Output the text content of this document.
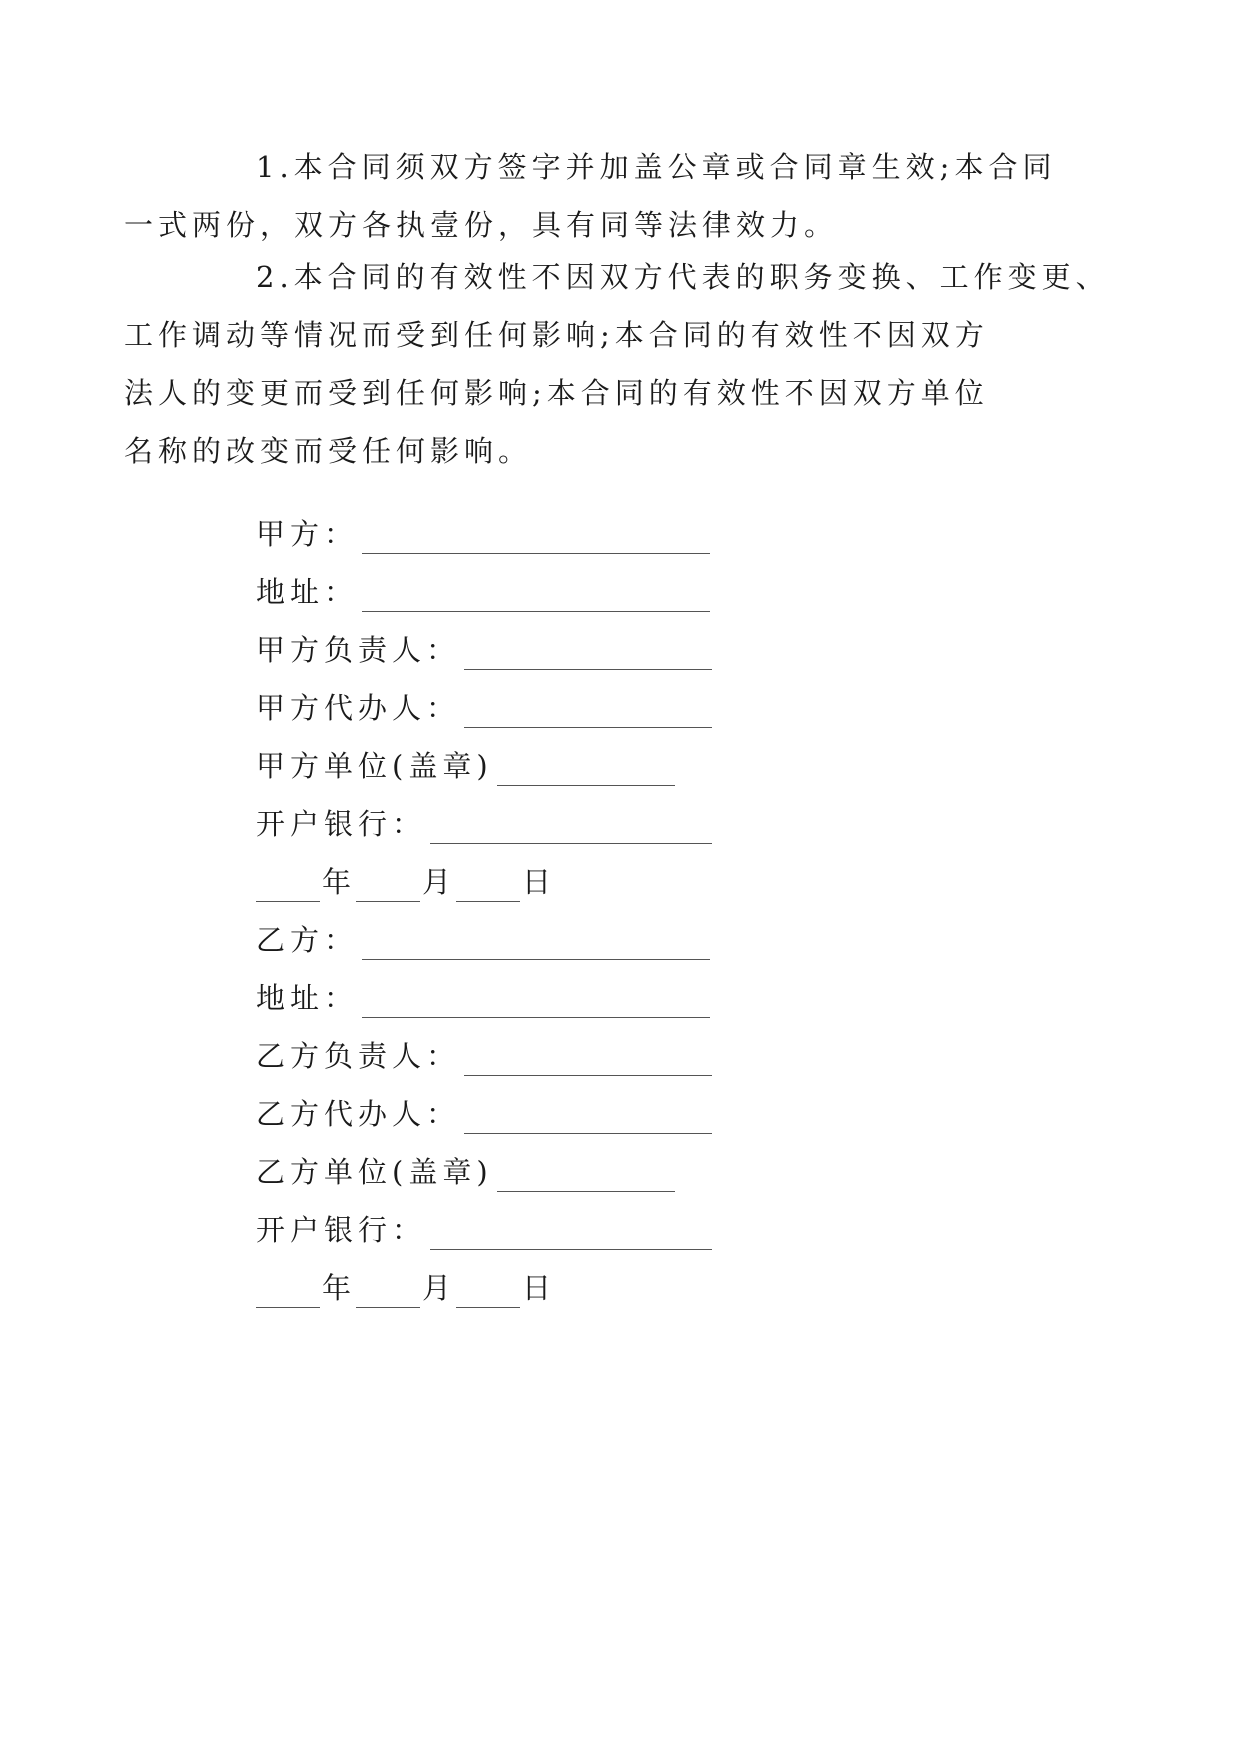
1.本合同须双方签字并加盖公章或合同章生效;本合同
一式两份，双方各执壹份，具有同等法律效力。
2.本合同的有效性不因双方代表的职务变换、工作变更、
工作调动等情况而受到任何影响;本合同的有效性不因双方
法人的变更而受到任何影响;本合同的有效性不因双方单位
名称的改变而受任何影响。
甲方：
地址：
甲方负责人：
甲方代办人：
甲方单位(盖章)
开户银行：
年 月 日
乙方：
地址：
乙方负责人：
乙方代办人：
乙方单位(盖章)
开户银行：
年 月 日
